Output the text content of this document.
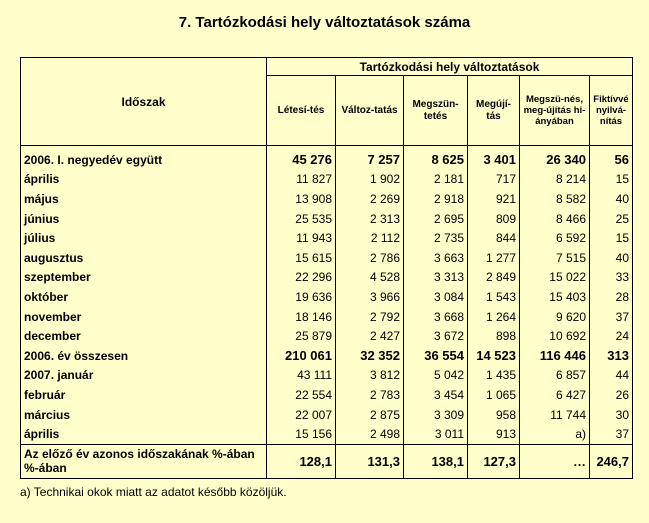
7. Tartózkodási hely változtatások száma
Időszak	Tartózkodási hely változtatások					
	Létesí-tés	Változ-tatás	Megszün-tetés	Megújí-tás	Megszü-nés, meg-újítás hi-ányában	Fiktívvé nyilvá-nítás
2006. I. negyedév együtt	45 276	7 257	8 625	3 401	26 340	56
április	11 827	1 902	2 181	717	8 214	15
május	13 908	2 269	2 918	921	8 582	40
június	25 535	2 313	2 695	809	8 466	25
július	11 943	2 112	2 735	844	6 592	15
augusztus	15 615	2 786	3 663	1 277	7 515	40
szeptember	22 296	4 528	3 313	2 849	15 022	33
október	19 636	3 966	3 084	1 543	15 403	28
november	18 146	2 792	3 668	1 264	9 620	37
december	25 879	2 427	3 672	898	10 692	24
2006. év összesen	210 061	32 352	36 554	14 523	116 446	313
2007. január	43 111	3 812	5 042	1 435	6 857	44
február	22 554	2 783	3 454	1 065	6 427	26
március	22 007	2 875	3 309	958	11 744	30
április	15 156	2 498	3 011	913	a)	37
Az előző év azonos időszakának %-ában %-ában	128,1	131,3	138,1	127,3	…	246,7
a) Technikai okok miatt az adatot később közöljük.
